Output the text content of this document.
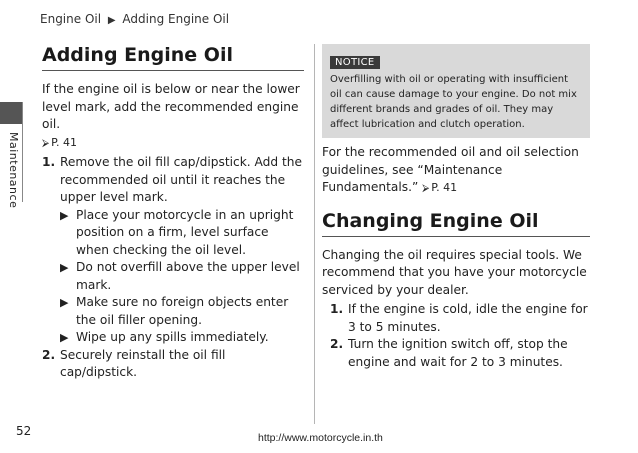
Engine Oil ▶ Adding Engine Oil
Maintenance
Adding Engine Oil

If the engine oil is below or near the lower level mark, add the recommended engine oil.
⮚ P. 41

1. Remove the oil fill cap/dipstick. Add the recommended oil until it reaches the upper level mark.
▶ Place your motorcycle in an upright position on a firm, level surface when checking the oil level.
▶ Do not overfill above the upper level mark.
▶ Make sure no foreign objects enter the oil filler opening.
▶ Wipe up any spills immediately.
2. Securely reinstall the oil fill cap/dipstick.
NOTICE
Overfilling with oil or operating with insufficient oil can cause damage to your engine. Do not mix different brands and grades of oil. They may affect lubrication and clutch operation.

For the recommended oil and oil selection guidelines, see “Maintenance Fundamentals.” ⮚ P. 41

Changing Engine Oil

Changing the oil requires special tools. We recommend that you have your motorcycle serviced by your dealer.

1. If the engine is cold, idle the engine for 3 to 5 minutes.
2. Turn the ignition switch off, stop the engine and wait for 2 to 3 minutes.
52	http://www.motorcycle.in.th
